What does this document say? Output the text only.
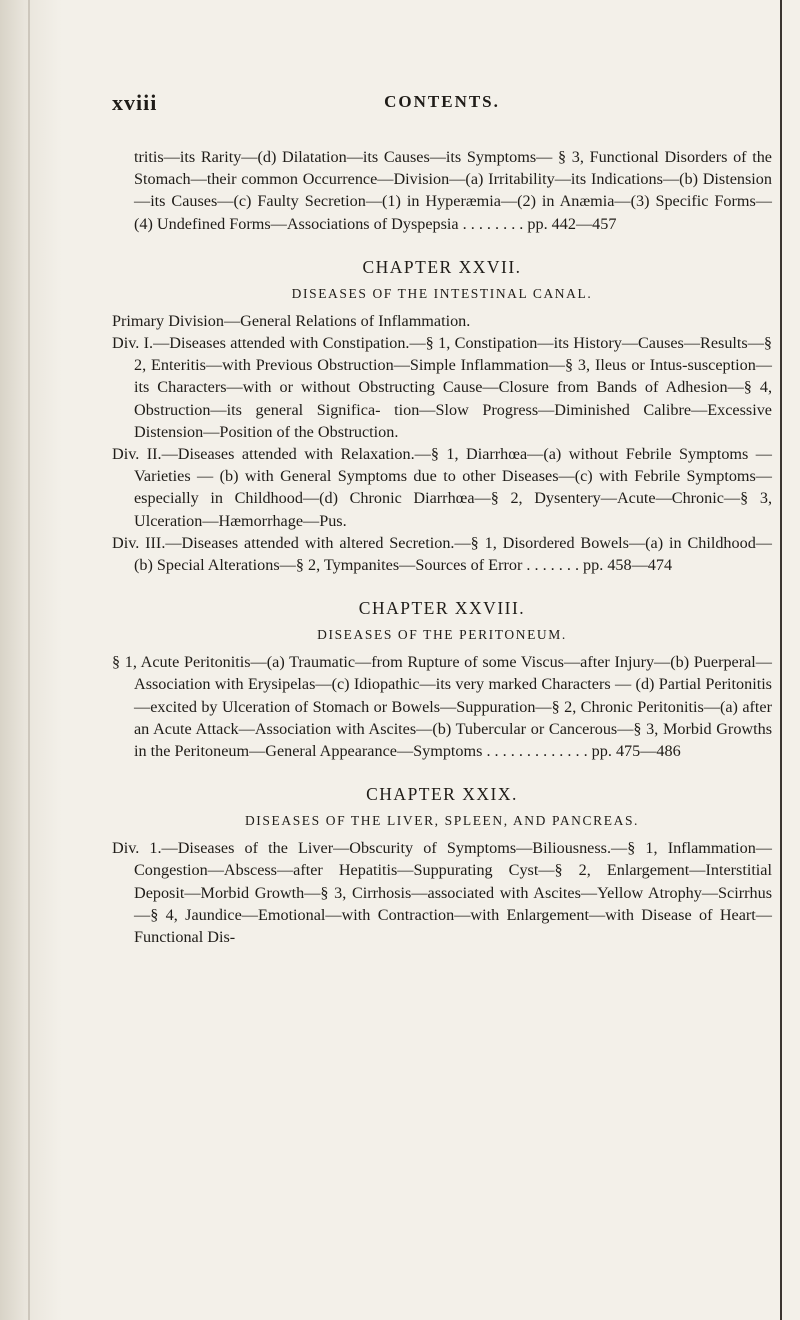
xviii	CONTENTS.

tritis—its Rarity—(d) Dilatation—its Causes—its Symptoms— § 3, Functional Disorders of the Stomach—their common Occurrence—Division—(a) Irritability—its Indications—(b) Distension—its Causes—(c) Faulty Secretion—(1) in Hyperæmia—(2) in Anæmia—(3) Specific Forms—(4) Undefined Forms—Associations of Dyspepsia . . . . . . . . pp. 442—457

CHAPTER XXVII.
DISEASES OF THE INTESTINAL CANAL.

Primary Division—General Relations of Inflammation.

Div. I.—Diseases attended with Constipation.—§ 1, Constipation—its History—Causes—Results—§ 2, Enteritis—with Previous Obstruction—Simple Inflammation—§ 3, Ileus or Intus-susception—its Characters—with or without Obstructing Cause—Closure from Bands of Adhesion—§ 4, Obstruction—its general Significa- tion—Slow Progress—Diminished Calibre—Excessive Distension—Position of the Obstruction.

Div. II.—Diseases attended with Relaxation.—§ 1, Diarrhœa—(a) without Febrile Symptoms — Varieties — (b) with General Symptoms due to other Diseases—(c) with Febrile Symptoms—especially in Childhood—(d) Chronic Diarrhœa—§ 2, Dysentery—Acute—Chronic—§ 3, Ulceration—Hæmorrhage—Pus.

Div. III.—Diseases attended with altered Secretion.—§ 1, Disordered Bowels—(a) in Childhood—(b) Special Alterations—§ 2, Tympanites—Sources of Error . . . . . . . pp. 458—474

CHAPTER XXVIII.
DISEASES OF THE PERITONEUM.

§ 1, Acute Peritonitis—(a) Traumatic—from Rupture of some Viscus—after Injury—(b) Puerperal—Association with Erysipelas—(c) Idiopathic—its very marked Characters — (d) Partial Peritonitis—excited by Ulceration of Stomach or Bowels—Suppuration—§ 2, Chronic Peritonitis—(a) after an Acute Attack—Association with Ascites—(b) Tubercular or Cancerous—§ 3, Morbid Growths in the Peritoneum—General Appearance—Symptoms . . . . . . . . . . . . . pp. 475—486

CHAPTER XXIX.
DISEASES OF THE LIVER, SPLEEN, AND PANCREAS.

Div. 1.—Diseases of the Liver—Obscurity of Symptoms—Biliousness.—§ 1, Inflammation—Congestion—Abscess—after Hepatitis—Suppurating Cyst—§ 2, Enlargement—Interstitial Deposit—Morbid Growth—§ 3, Cirrhosis—associated with Ascites—Yellow Atrophy—Scirrhus—§ 4, Jaundice—Emotional—with Contraction—with Enlargement—with Disease of Heart—Functional Dis-
